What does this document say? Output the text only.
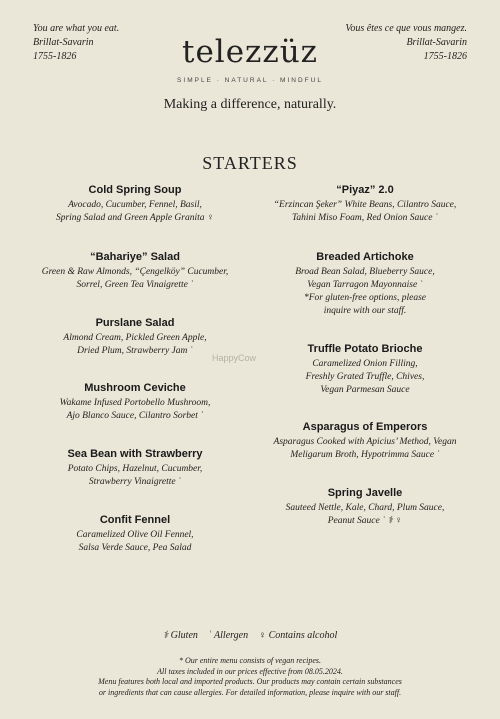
You are what you eat.
Brillat-Savarin
1755-1826
Vous êtes ce que vous mangez.
Brillat-Savarin
1755-1826
telezzüz
SIMPLE · NATURAL · MINDFUL
Making a difference, naturally.
STARTERS
Cold Spring Soup
Avocado, Cucumber, Fennel, Basil,
Spring Salad and Green Apple Granita ♀
“Bahariye” Salad
Green & Raw Almonds, “Çengelköy” Cucumber,
Sorrel, Green Tea Vinaigrette ʿ
Purslane Salad
Almond Cream, Pickled Green Apple,
Dried Plum, Strawberry Jam ʿ
Mushroom Ceviche
Wakame Infused Portobello Mushroom,
Ajo Blanco Sauce, Cilantro Sorbet ʿ
Sea Bean with Strawberry
Potato Chips, Hazelnut, Cucumber,
Strawberry Vinaigrette ʿ
Confit Fennel
Caramelized Olive Oil Fennel,
Salsa Verde Sauce, Pea Salad
“Piyaz” 2.0
“Erzincan Şeker” White Beans, Cilantro Sauce,
Tahini Miso Foam, Red Onion Sauce ʿ
Breaded Artichoke
Broad Bean Salad, Blueberry Sauce,
Vegan Tarragon Mayonnaise ʿ
*For gluten-free options, please
inquire with our staff.
Truffle Potato Brioche
Caramelized Onion Filling,
Freshly Grated Truffle, Chives,
Vegan Parmesan Sauce
Asparagus of Emperors
Asparagus Cooked with Apicius’ Method, Vegan
Meligarum Broth, Hypotrimma Sauce ʿ
Spring Javelle
Sauteed Nettle, Kale, Chard, Plum Sauce,
Peanut Sauce ʿ ⚕ ♀
HappyCow
⚕ Gluten ʿ Allergen ♀ Contains alcohol
* Our entire menu consists of vegan recipes.
All taxes included in our prices effective from 08.05.2024.
Menu features both local and imported products. Our products may contain certain substances
or ingredients that can cause allergies. For detailed information, please inquire with our staff.
